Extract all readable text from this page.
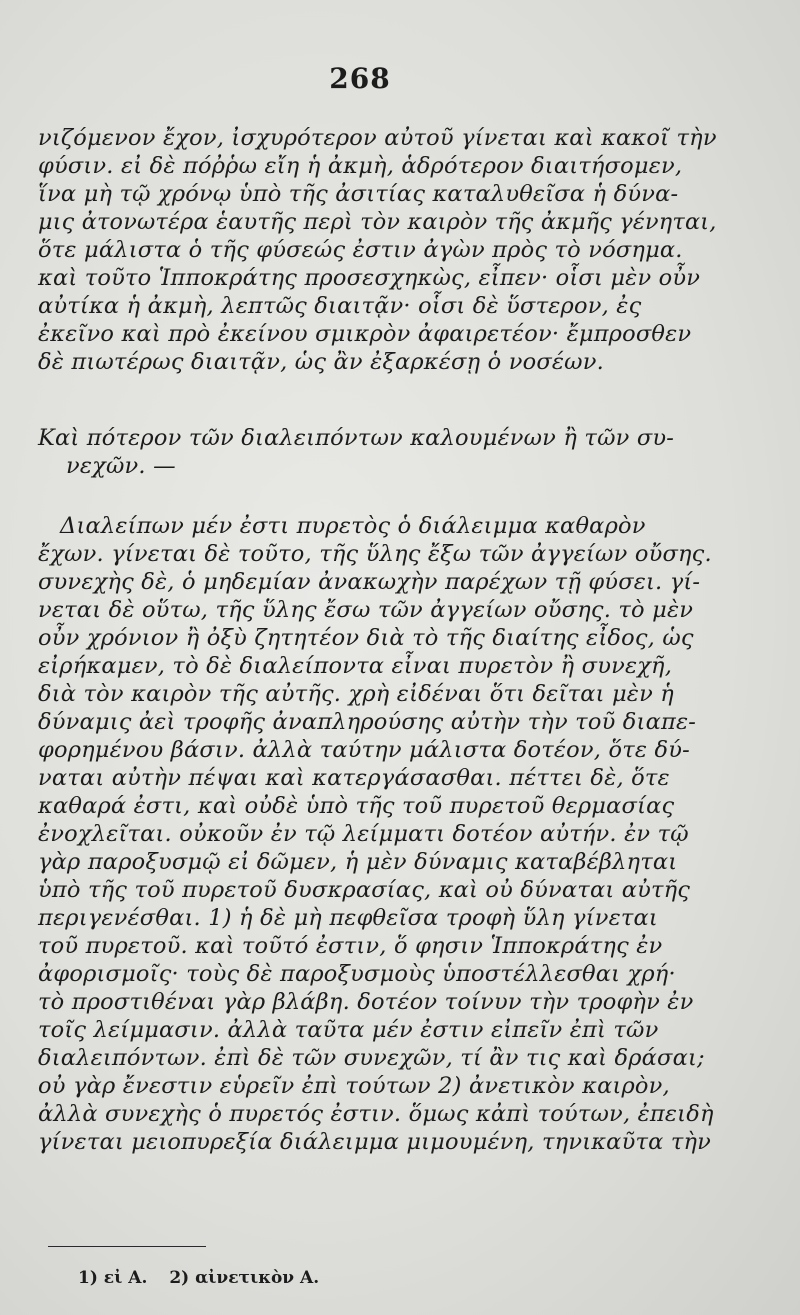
268
νιζόμενον ἔχον, ἰσχυρότερον αὐτοῦ γίνεται καὶ κακοῖ τὴν
φύσιν. εἰ δὲ πόῤῥω εἴη ἡ ἀκμὴ, ἁδρότερον διαιτήσομεν,
ἵνα μὴ τῷ χρόνῳ ὑπὸ τῆς ἀσιτίας καταλυθεῖσα ἡ δύνα-
μις ἀτονωτέρα ἑαυτῆς περὶ τὸν καιρὸν τῆς ἀκμῆς γένηται,
ὅτε μάλιστα ὁ τῆς φύσεώς ἐστιν ἀγὼν πρὸς τὸ νόσημα.
καὶ τοῦτο Ἱπποκράτης προσεσχηκὼς, εἶπεν· οἷσι μὲν οὖν
αὐτίκα ἡ ἀκμὴ, λεπτῶς διαιτᾷν· οἷσι δὲ ὕστερον, ἐς
ἐκεῖνο καὶ πρὸ ἐκείνου σμικρὸν ἀφαιρετέον· ἔμπροσθεν
δὲ πιωτέρως διαιτᾷν, ὡς ἂν ἐξαρκέσῃ ὁ νοσέων.
Καὶ πότερον τῶν διαλειπόντων καλουμένων ἢ τῶν συ-
νεχῶν. —
Διαλείπων μέν ἐστι πυρετὸς ὁ διάλειμμα καθαρὸν
ἔχων. γίνεται δὲ τοῦτο, τῆς ὕλης ἔξω τῶν ἀγγείων οὔσης.
συνεχὴς δὲ, ὁ μηδεμίαν ἀνακωχὴν παρέχων τῇ φύσει. γί-
νεται δὲ οὕτω, τῆς ὕλης ἔσω τῶν ἀγγείων οὔσης. τὸ μὲν
οὖν χρόνιον ἢ ὀξὺ ζητητέον διὰ τὸ τῆς διαίτης εἶδος, ὡς
εἰρήκαμεν, τὸ δὲ διαλείποντα εἶναι πυρετὸν ἢ συνεχῆ,
διὰ τὸν καιρὸν τῆς αὐτῆς. χρὴ εἰδέναι ὅτι δεῖται μὲν ἡ
δύναμις ἀεὶ τροφῆς ἀναπληρούσης αὐτὴν τὴν τοῦ διαπε-
φορημένου βάσιν. ἀλλὰ ταύτην μάλιστα δοτέον, ὅτε δύ-
ναται αὐτὴν πέψαι καὶ κατεργάσασθαι. πέττει δὲ, ὅτε
καθαρά ἐστι, καὶ οὐδὲ ὑπὸ τῆς τοῦ πυρετοῦ θερμασίας
ἐνοχλεῖται. οὐκοῦν ἐν τῷ λείμματι δοτέον αὐτήν. ἐν τῷ
γὰρ παροξυσμῷ εἰ δῶμεν, ἡ μὲν δύναμις καταβέβληται
ὑπὸ τῆς τοῦ πυρετοῦ δυσκρασίας, καὶ οὐ δύναται αὐτῆς
περιγενέσθαι. 1) ἡ δὲ μὴ πεφθεῖσα τροφὴ ὕλη γίνεται
τοῦ πυρετοῦ. καὶ τοῦτό ἐστιν, ὅ φησιν Ἱπποκράτης ἐν
ἀφορισμοῖς· τοὺς δὲ παροξυσμοὺς ὑποστέλλεσθαι χρή·
τὸ προστιθέναι γὰρ βλάβη. δοτέον τοίνυν τὴν τροφὴν ἐν
τοῖς λείμμασιν. ἀλλὰ ταῦτα μέν ἐστιν εἰπεῖν ἐπὶ τῶν
διαλειπόντων. ἐπὶ δὲ τῶν συνεχῶν, τί ἂν τις καὶ δράσαι;
οὐ γὰρ ἔνεστιν εὑρεῖν ἐπὶ τούτων 2) ἀνετικὸν καιρὸν,
ἀλλὰ συνεχὴς ὁ πυρετός ἐστιν. ὅμως κἀπὶ τούτων, ἐπειδὴ
γίνεται μειοπυρεξία διάλειμμα μιμουμένη, τηνικαῦτα τὴν
1) εἰ A. 2) αἰνετικὸν A.
